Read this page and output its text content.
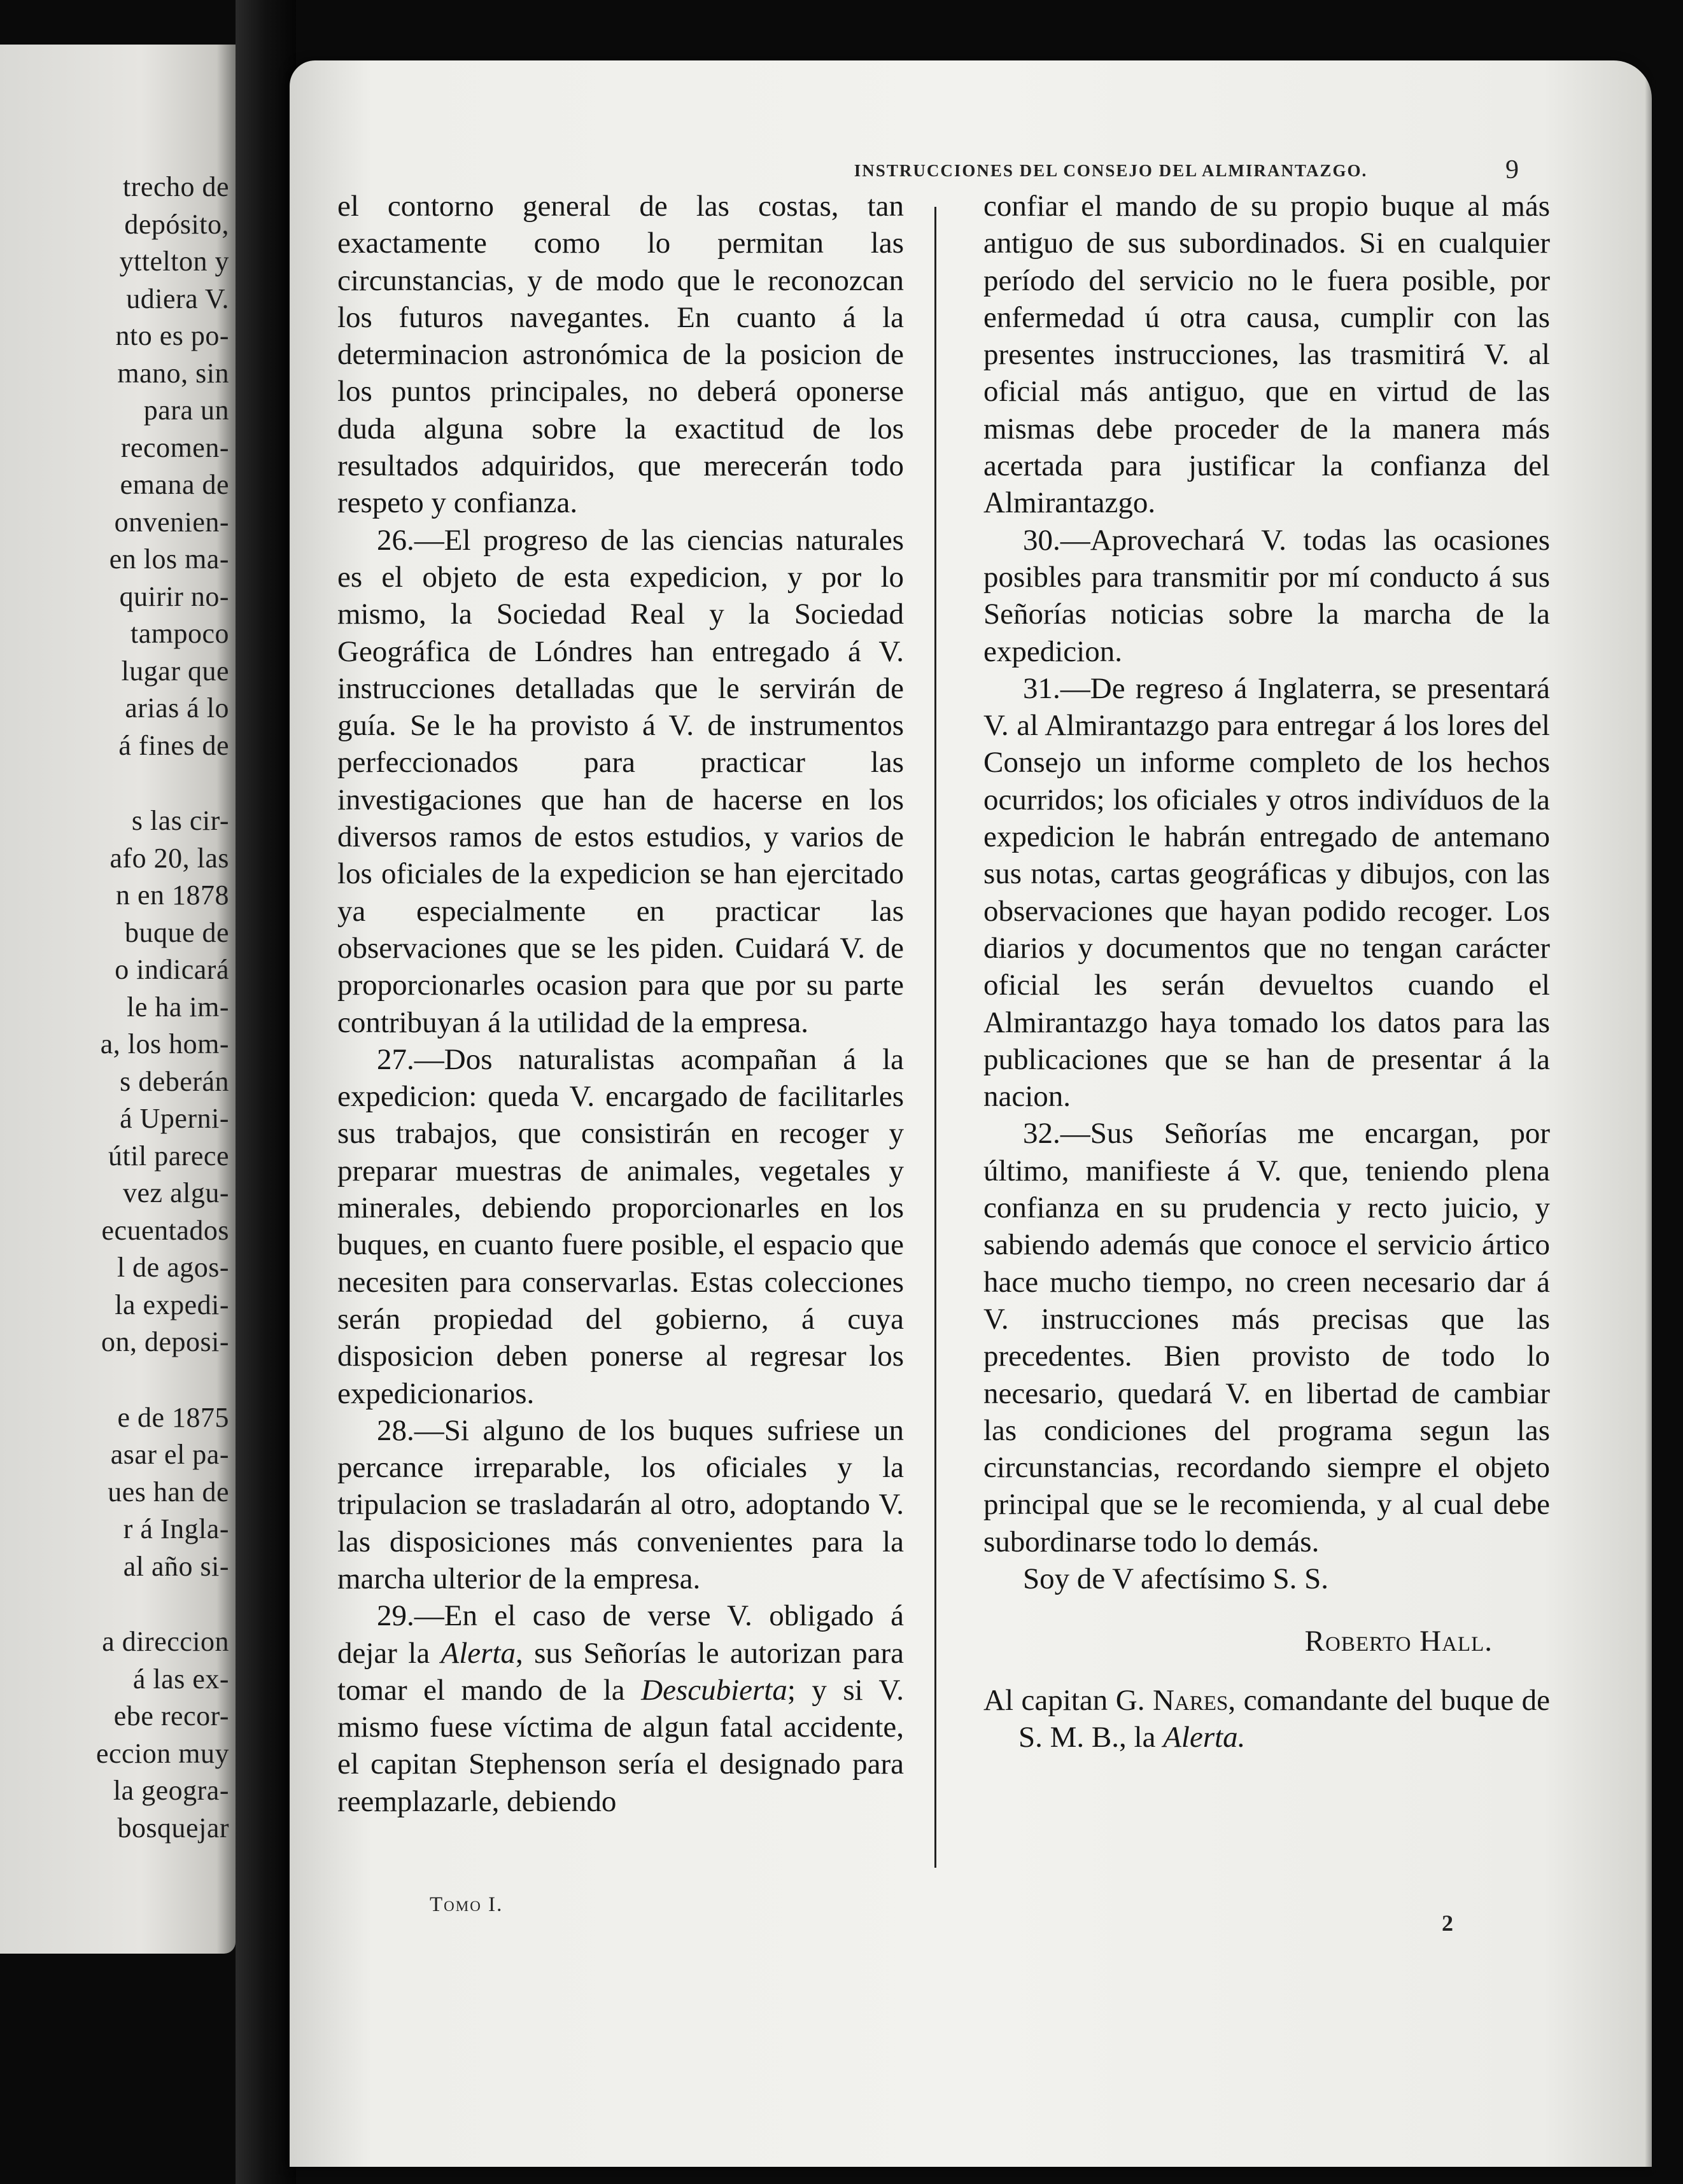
trecho de
depósito,
yttelton y
udiera V.
nto es po-
mano, sin
para un
recomen-
emana de
onvenien-
en los ma-
quirir no-
tampoco
lugar que
arias á lo
á fines de
s las cir-
afo 20, las
n en 1878
buque de
o indicará
le ha im-
a, los hom-
s deberán
á Uperni-
útil parece
vez algu-
ecuentados
l de agos-
la expedi-
on, deposi-
e de 1875
asar el pa-
ues han de
r á Ingla-
al año si-
a direccion
á las ex-
ebe recor-
eccion muy
la geogra-
bosquejar
INSTRUCCIONES DEL CONSEJO DEL ALMIRANTAZGO.	9

el contorno general de las costas, tan exactamente como lo permitan las circunstancias, y de modo que le reconozcan los futuros navegantes. En cuanto á la determinacion astronómica de la posicion de los puntos principales, no deberá oponerse duda alguna sobre la exactitud de los resultados adquiridos, que merecerán todo respeto y confianza.

26.—El progreso de las ciencias naturales es el objeto de esta expedicion, y por lo mismo, la Sociedad Real y la Sociedad Geográfica de Lóndres han entregado á V. instrucciones detalladas que le servirán de guía. Se le ha provisto á V. de instrumentos perfeccionados para practicar las investigaciones que han de hacerse en los diversos ramos de estos estudios, y varios de los oficiales de la expedicion se han ejercitado ya especialmente en practicar las observaciones que se les piden. Cuidará V. de proporcionarles ocasion para que por su parte contribuyan á la utilidad de la empresa.

27.—Dos naturalistas acompañan á la expedicion: queda V. encargado de facilitarles sus trabajos, que consistirán en recoger y preparar muestras de animales, vegetales y minerales, debiendo proporcionarles en los buques, en cuanto fuere posible, el espacio que necesiten para conservarlas. Estas colecciones serán propiedad del gobierno, á cuya disposicion deben ponerse al regresar los expedicionarios.

28.—Si alguno de los buques sufriese un percance irreparable, los oficiales y la tripulacion se trasladarán al otro, adoptando V. las disposiciones más convenientes para la marcha ulterior de la empresa.

29.—En el caso de verse V. obligado á dejar la Alerta, sus Señorías le autorizan para tomar el mando de la Descubierta; y si V. mismo fuese víctima de algun fatal accidente, el capitan Stephenson sería el designado para reemplazarle, debiendo

confiar el mando de su propio buque al más antiguo de sus subordinados. Si en cualquier período del servicio no le fuera posible, por enfermedad ú otra causa, cumplir con las presentes instrucciones, las trasmitirá V. al oficial más antiguo, que en virtud de las mismas debe proceder de la manera más acertada para justificar la confianza del Almirantazgo.

30.—Aprovechará V. todas las ocasiones posibles para transmitir por mí conducto á sus Señorías noticias sobre la marcha de la expedicion.

31.—De regreso á Inglaterra, se presentará V. al Almirantazgo para entregar á los lores del Consejo un informe completo de los hechos ocurridos; los oficiales y otros indivíduos de la expedicion le habrán entregado de antemano sus notas, cartas geográficas y dibujos, con las observaciones que hayan podido recoger. Los diarios y documentos que no tengan carácter oficial les serán devueltos cuando el Almirantazgo haya tomado los datos para las publicaciones que se han de presentar á la nacion.

32.—Sus Señorías me encargan, por último, manifieste á V. que, teniendo plena confianza en su prudencia y recto juicio, y sabiendo además que conoce el servicio ártico hace mucho tiempo, no creen necesario dar á V. instrucciones más precisas que las precedentes. Bien provisto de todo lo necesario, quedará V. en libertad de cambiar las condiciones del programa segun las circunstancias, recordando siempre el objeto principal que se le recomienda, y al cual debe subordinarse todo lo demás.

Soy de V afectísimo S. S.

Roberto Hall.

Al capitan G. Nares, comandante del buque de S. M. B., la Alerta.

Tomo I.
2
